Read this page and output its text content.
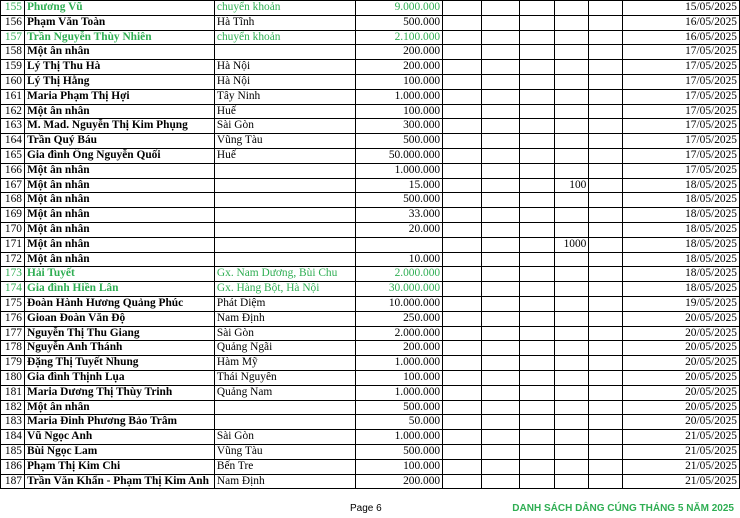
155	Phương Vũ	chuyển khoản	9.000.000						15/05/2025
156	Phạm Văn Toàn	Hà Tĩnh	500.000						16/05/2025
157	Trần Nguyễn Thùy Nhiên	chuyển khoản	2.100.000						16/05/2025
158	Một ân nhân		200.000						17/05/2025
159	Lý Thị Thu Hà	Hà Nội	200.000						17/05/2025
160	Lý Thị Hằng	Hà Nội	100.000						17/05/2025
161	Maria Phạm Thị Hợi	Tây Ninh	1.000.000						17/05/2025
162	Một ân nhân	Huế	100.000						17/05/2025
163	M. Mad. Nguyễn Thị Kim Phụng	Sài Gòn	300.000						17/05/2025
164	Trần Quý Báu	Vũng Tàu	500.000						17/05/2025
165	Gia đình Ông Nguyễn Quối	Huế	50.000.000						17/05/2025
166	Một ân nhân		1.000.000						17/05/2025
167	Một ân nhân		15.000				100		18/05/2025
168	Một ân nhân		500.000						18/05/2025
169	Một ân nhân		33.000						18/05/2025
170	Một ân nhân		20.000						18/05/2025
171	Một ân nhân						1000		18/05/2025
172	Một ân nhân		10.000						18/05/2025
173	Hải Tuyết	Gx. Nam Dương, Bùi Chu	2.000.000						18/05/2025
174	Gia đình Hiền Lân	Gx. Hàng Bột, Hà Nội	30.000.000						18/05/2025
175	Đoàn Hành Hương Quảng Phúc	Phát Diệm	10.000.000						19/05/2025
176	Gioan Đoàn Văn Độ	Nam Định	250.000						20/05/2025
177	Nguyễn Thị Thu Giang	Sài Gòn	2.000.000						20/05/2025
178	Nguyễn Anh Thánh	Quảng Ngãi	200.000						20/05/2025
179	Đặng Thị Tuyết Nhung	Hàm Mỹ	1.000.000						20/05/2025
180	Gia đình Thịnh Lụa	Thái Nguyên	100.000						20/05/2025
181	Maria Dương Thị Thùy Trinh	Quảng Nam	1.000.000						20/05/2025
182	Một ân nhân		500.000						20/05/2025
183	Maria Đinh Phương Bảo Trâm		50.000						20/05/2025
184	Vũ Ngọc Anh	Sài Gòn	1.000.000						21/05/2025
185	Bùi Ngọc Lam	Vũng Tàu	500.000						21/05/2025
186	Phạm Thị Kim Chi	Bến Tre	100.000						21/05/2025
187	Trần Văn Khẩn - Phạm Thị Kim Anh	Nam Định	200.000						21/05/2025
Page 6	DANH SÁCH DÂNG CÚNG THÁNG 5 NĂM 2025
